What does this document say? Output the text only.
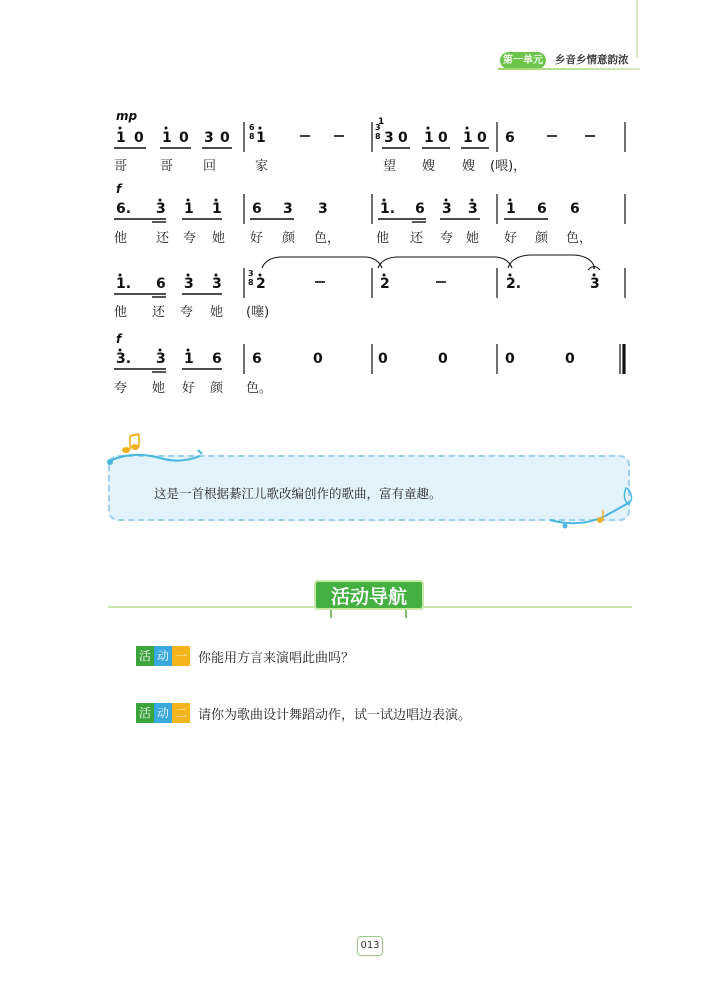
第一单元 乡音乡情意韵浓
mp
f
f
1 0 1 0 3 0
6
8 1
3
8
1
3 0 1 0 1 0 6
哥	哥 回	家	望 嫂 嫂 (喂)，
6. 3 1 1 6 3 3	1. 6 3 3 1 6 6
他 还 夸 她 好 颜 色，	他 还 夸 她 好 颜 色，
1. 6 3 3
3
8 2	2	2.	3
他 还 夸 她 (噻)
3. 3 1 6 6	0	0	0	0	0
夸 她 好 颜 色。
这是一首根据綦江儿歌改编创作的歌曲，富有童趣。
活动导航
活 动 一 你能用方言来演唱此曲吗？
活 动 二 请你为歌曲设计舞蹈动作，试一试边唱边表演。
013
